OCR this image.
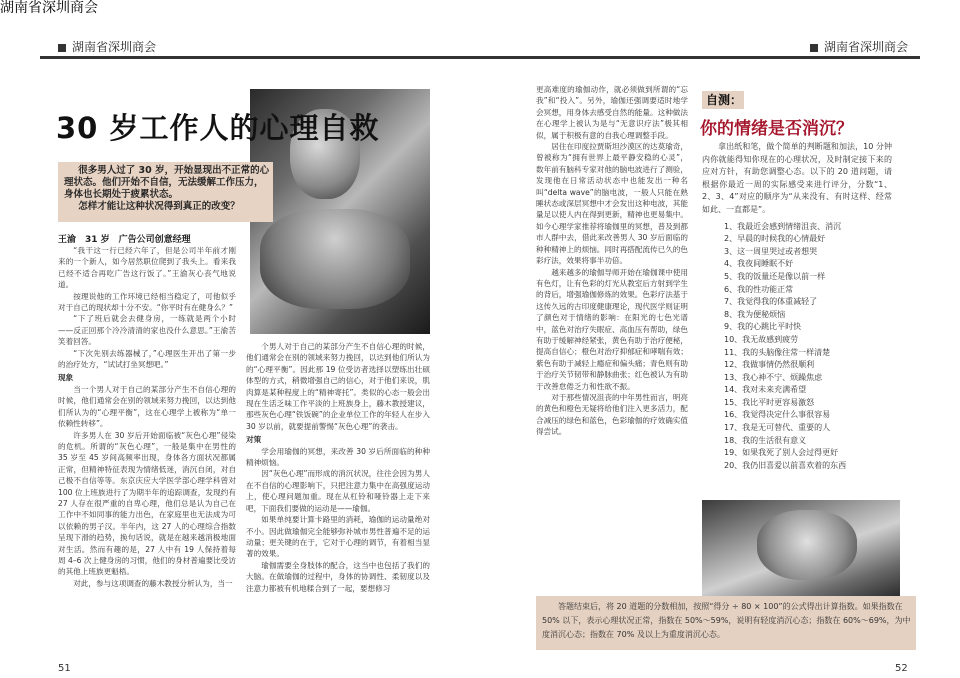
湖南省深圳商会
湖南省深圳商会
30 岁工作人的心理自救

很多男人过了 30 岁，开始显现出不正常的心理状态。他们开始不自信，无法缓解工作压力，身体也长期处于疲累状态。

怎样才能让这种状况得到真正的改变？

王渝　31 岁　广告公司创意经理

“我干这一行已经六年了，但是公司半年前才刚来的一个新人，如今居然职位爬到了我头上。看来我已经不适合再吃广告这行饭了。”王渝灰心丧气地说道。

按理说他的工作环境已经相当稳定了，可他似乎对于自己的现状却十分不安。“你平时有在健身么？”

“下了班后就会去健身房，一练就是两个小时——反正回那个冷冷清清的家也没什么意思。”王渝苦笑着回答。

“下次先别去练器械了，”心理医生开出了第一步的治疗处方，“试试打坐冥想吧。”

现象

当一个男人对于自己的某部分产生不自信心理的时候，他们通常会在别的领域来努力挽回，以达到他们所认为的“心理平衡”，这在心理学上被称为“单一依赖性转移”。

许多男人在 30 岁后开始面临被“灰色心理”侵染的危机。所谓的“灰色心理”，一般是集中在男性的 35 岁至 45 岁间高频率出现，身体各方面状况都属正常，但精神特征表现为情绪低迷，消沉自闭，对自己极不自信等等。东京庆应大学医学部心理学科曾对 100 位上班族进行了为期半年的追踪调查，发现约有 27 人存在很严重的自卑心理，他们总是认为自己在工作中不如同事的能力出色，在家庭里也无法成为可以依赖的男子汉。半年内，这 27 人的心理综合指数呈现下滑的趋势，换句话说，就是在越来越消极地面对生活。然而有趣的是，27 人中有 19 人保持着每周 4–6 次上健身房的习惯，他们的身材普遍要比受访的其他上班族更魁梧。

对此，参与这项调查的藤木教授分析认为，当一

个男人对于自己的某部分产生不自信心理的时候，他们通常会在别的领域来努力挽回，以达到他们所认为的“心理平衡”。因此那 19 位受访者选择以塑练出壮硕体型的方式，稍微增强自己的信心，对于他们来说，肌肉算是某种程度上的“精神寄托”。类似的心态一般会出现在生活乏味工作平淡的上班族身上，藤木教授建议，那些灰色心理“铁饭碗”的企业单位工作的年轻人在步入 30 岁以前，就要提前警惕“灰色心理”的袭击。

对策

学会用瑜伽的冥想，来改善 30 岁后所面临的种种精神烦恼。

因“灰色心理”而形成的消沉状况，往往会因为男人在不自信的心理影响下，只把注意力集中在高强度运动上，使心理问题加重。现在从杠铃和哑铃器上走下来吧，下面我们要做的运动是——瑜伽。

如果单纯要计算卡路里的消耗，瑜伽的运动量绝对不小。因此做瑜伽完全能够弥补城市男性普遍不足的运动量；更关键的在于，它对于心理的调节，有着相当显著的效果。

瑜伽需要全身肢体的配合，这当中也包括了我们的大脑。在做瑜伽的过程中，身体的协调性、柔韧度以及注意力都被有机地糅合到了一起，要想修习

51
湖南省深圳商会

更高难度的瑜伽动作，就必须做到所谓的“忘我”和“投入”。另外，瑜伽还强调要适时地学会冥想，用身体去感受自然的能量。这种做法在心理学上被认为是与“无意识疗法”极其相似，属于积极有意的自我心理调整手段。

居住在印度拉贾斯坦沙漠区的达莫瑜奇，曾被称为“拥有世界上最平静安稳的心灵”，数年前有脑科专家对他的脑电波进行了测验，发现他在日常活动状态中也能发出一种名叫“delta wave”的脑电波，一般人只能在熟睡状态或深层冥想中才会发出这种电波，其能量足以使人内在得到更新，精神也更易集中。如今心理学家推荐将瑜伽里的冥想，普及到都市人群中去，借此来改善男人 30 岁后面临的种种精神上的烦恼。同时再搭配流传已久的色彩疗法，效果将事半功倍。

越来越多的瑜伽导师开始在瑜伽课中使用有色灯，让有色彩的灯光从教室后方射到学生的背后，增强瑜伽修炼的效果。色彩疗法基于这传久远的古印度健康理论，现代医学则证明了颜色对于情绪的影响：在阳光的七色光谱中，蓝色对治疗失眠症、高血压有帮助，绿色有助于缓解神经紧张，黄色有助于治疗便秘，提高自信心；橙色对治疗抑郁症和哮喘有效；紫色有助于减轻上瘾症和偏头痛；青色则有助于治疗关节韧带和静脉曲张；红色被认为有助于改善怠倦乏力和性欲不振。

对于那些情况沮丧的中年男性而言，明亮的黄色和橙色无疑将给他们注入更多活力，配合减压的绿色和蓝色，色彩瑜伽的疗效确实值得尝试。

自测：
你的情绪是否消沉？

拿出纸和笔，做个简单的判断题和加法，10 分钟内你就能得知你现在的心理状况，及时制定接下来的应对方针，有助您调整心态。以下的 20 道问题，请根据你最近一周的实际感受来进行评分，分数“1、2、3、4”对应的顺序为“从来没有、有时这样、经常如此、一直都是”。

1、我最近会感到情绪沮丧、消沉
2、早晨的时候我的心情最好
3、这一周里哭过或者想哭
4、我夜间睡眠不好
5、我的饭量还是像以前一样
6、我的性功能正常
7、我觉得我的体重减轻了
8、我为便秘烦恼
9、我的心跳比平时快
10、我无故感到疲劳
11、我的头脑像往常一样清楚
12、我做事情仍然很顺利
13、我心神不宁、烦躁焦虑
14、我对未来充满希望
15、我比平时更容易激怒
16、我觉得决定什么事很容易
17、我是无可替代、重要的人
18、我的生活很有意义
19、如果我死了别人会过得更好
20、我仍旧喜爱以前喜欢着的东西

答题结束后，将 20 道题的分数相加，按照“得分 ÷ 80 × 100”的公式得出计算指数。如果指数在 50% 以下，表示心理状况正常，指数在 50%～59%，说明有轻度消沉心态；指数在 60%～69%，为中度消沉心态；指数在 70% 及以上为重度消沉心态。

52
